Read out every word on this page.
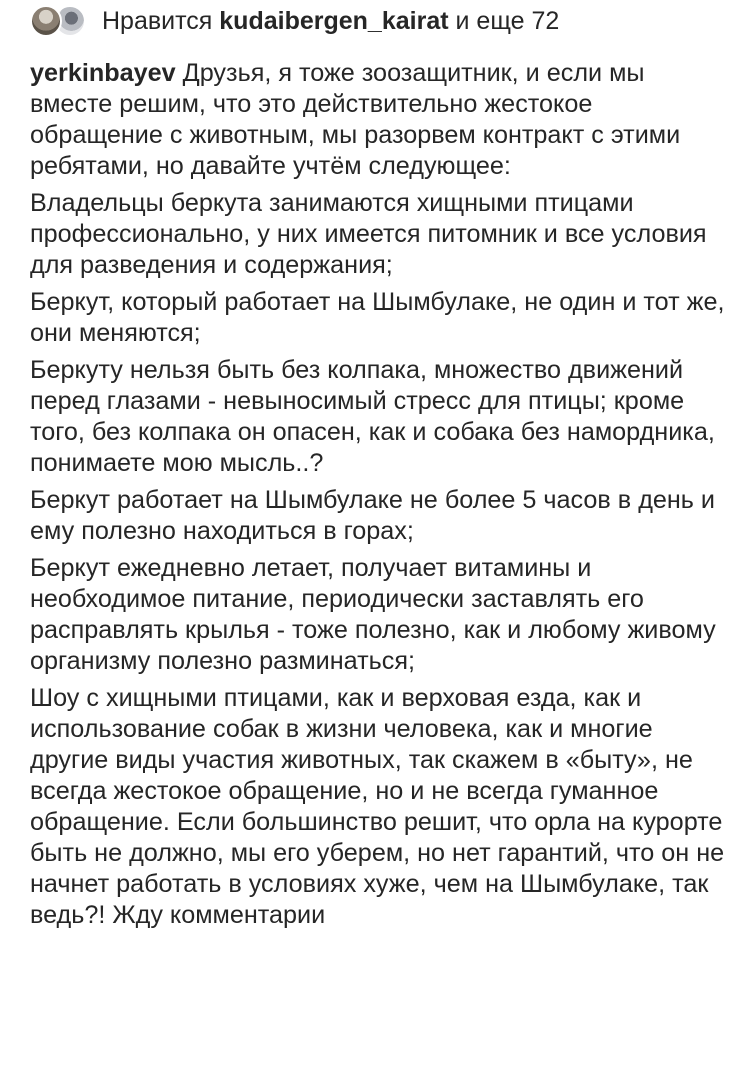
Нравится kudaibergen_kairat и еще 72

yerkinbayev Друзья, я тоже зоозащитник, и если мы вместе решим, что это действительно жестокое обращение с животным, мы разорвем контракт с этими ребятами, но давайте учтём следующее:

Владельцы беркута занимаются хищными птицами профессионально, у них имеется питомник и все условия для разведения и содержания;

Беркут, который работает на Шымбулаке, не один и тот же, они меняются;

Беркуту нельзя быть без колпака, множество движений перед глазами - невыносимый стресс для птицы; кроме того, без колпака он опасен, как и собака без намордника, понимаете мою мысль..?

Беркут работает на Шымбулаке не более 5 часов в день и ему полезно находиться в горах;

Беркут ежедневно летает, получает витамины и необходимое питание, периодически заставлять его расправлять крылья - тоже полезно, как и любому живому организму полезно разминаться;

Шоу с хищными птицами, как и верховая езда, как и использование собак в жизни человека, как и многие другие виды участия животных, так скажем в «быту», не всегда жестокое обращение, но и не всегда гуманное обращение. Если большинство решит, что орла на курорте быть не должно, мы его уберем, но нет гарантий, что он не начнет работать в условиях хуже, чем на Шымбулаке, так ведь?! Жду комментарии
